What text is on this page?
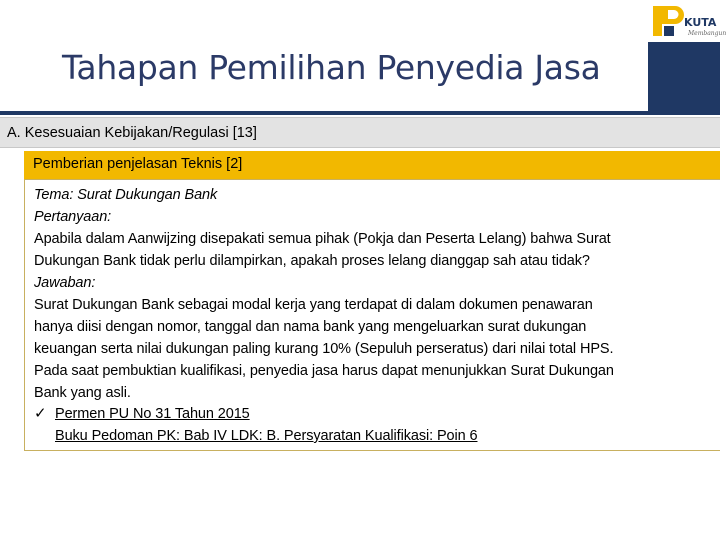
Tahapan Pemilihan Penyedia Jasa
KUTA
Membangun
A. Kesesuaian Kebijakan/Regulasi [13]
Pemberian penjelasan Teknis [2]
Tema: Surat Dukungan Bank
Pertanyaan:
Apabila dalam Aanwijzing disepakati semua pihak (Pokja dan Peserta Lelang) bahwa Surat
Dukungan Bank tidak perlu dilampirkan, apakah proses lelang dianggap sah atau tidak?
Jawaban:
Surat Dukungan Bank sebagai modal kerja yang terdapat di dalam dokumen penawaran
hanya diisi dengan nomor, tanggal dan nama bank yang mengeluarkan surat dukungan
keuangan serta nilai dukungan paling kurang 10% (Sepuluh perseratus) dari nilai total HPS.
Pada saat pembuktian kualifikasi, penyedia jasa harus dapat menunjukkan Surat Dukungan
Bank yang asli.
✓ Permen PU No 31 Tahun 2015
Buku Pedoman PK: Bab IV LDK: B. Persyaratan Kualifikasi: Poin 6
